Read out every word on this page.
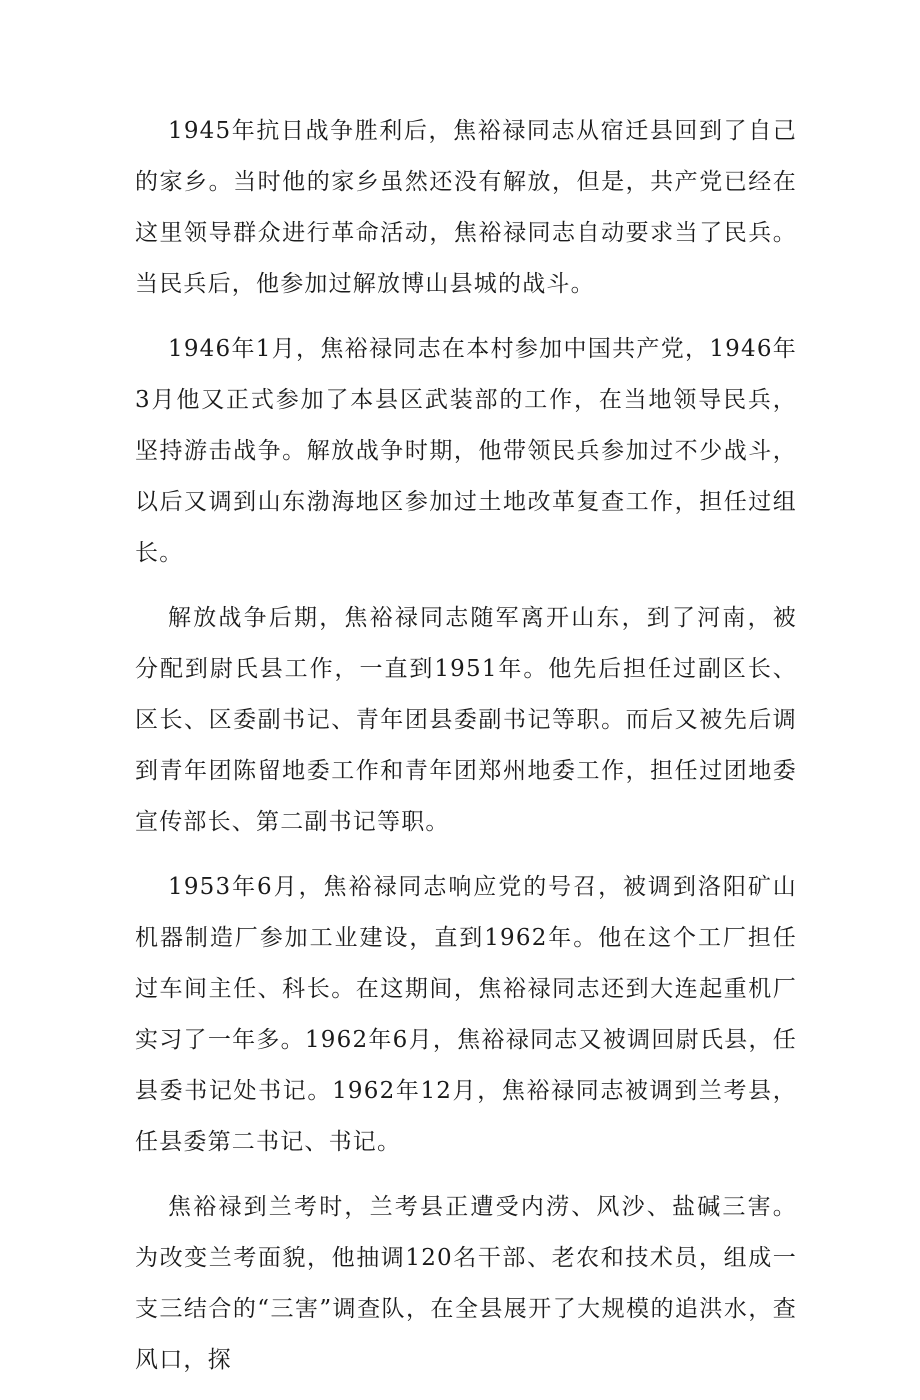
1945年抗日战争胜利后，焦裕禄同志从宿迁县回到了自己的家乡。当时他的家乡虽然还没有解放，但是，共产党已经在这里领导群众进行革命活动，焦裕禄同志自动要求当了民兵。当民兵后，他参加过解放博山县城的战斗。

1946年1月，焦裕禄同志在本村参加中国共产党，1946年3月他又正式参加了本县区武装部的工作，在当地领导民兵，坚持游击战争。解放战争时期，他带领民兵参加过不少战斗，以后又调到山东渤海地区参加过土地改革复查工作，担任过组长。

解放战争后期，焦裕禄同志随军离开山东，到了河南，被分配到尉氏县工作，一直到1951年。他先后担任过副区长、区长、区委副书记、青年团县委副书记等职。而后又被先后调到青年团陈留地委工作和青年团郑州地委工作，担任过团地委宣传部长、第二副书记等职。

1953年6月，焦裕禄同志响应党的号召，被调到洛阳矿山机器制造厂参加工业建设，直到1962年。他在这个工厂担任过车间主任、科长。在这期间，焦裕禄同志还到大连起重机厂实习了一年多。1962年6月，焦裕禄同志又被调回尉氏县，任县委书记处书记。1962年12月，焦裕禄同志被调到兰考县，任县委第二书记、书记。

焦裕禄到兰考时，兰考县正遭受内涝、风沙、盐碱三害。为改变兰考面貌，他抽调120名干部、老农和技术员，组成一支三结合的“三害”调查队，在全县展开了大规模的追洪水，查风口，探
